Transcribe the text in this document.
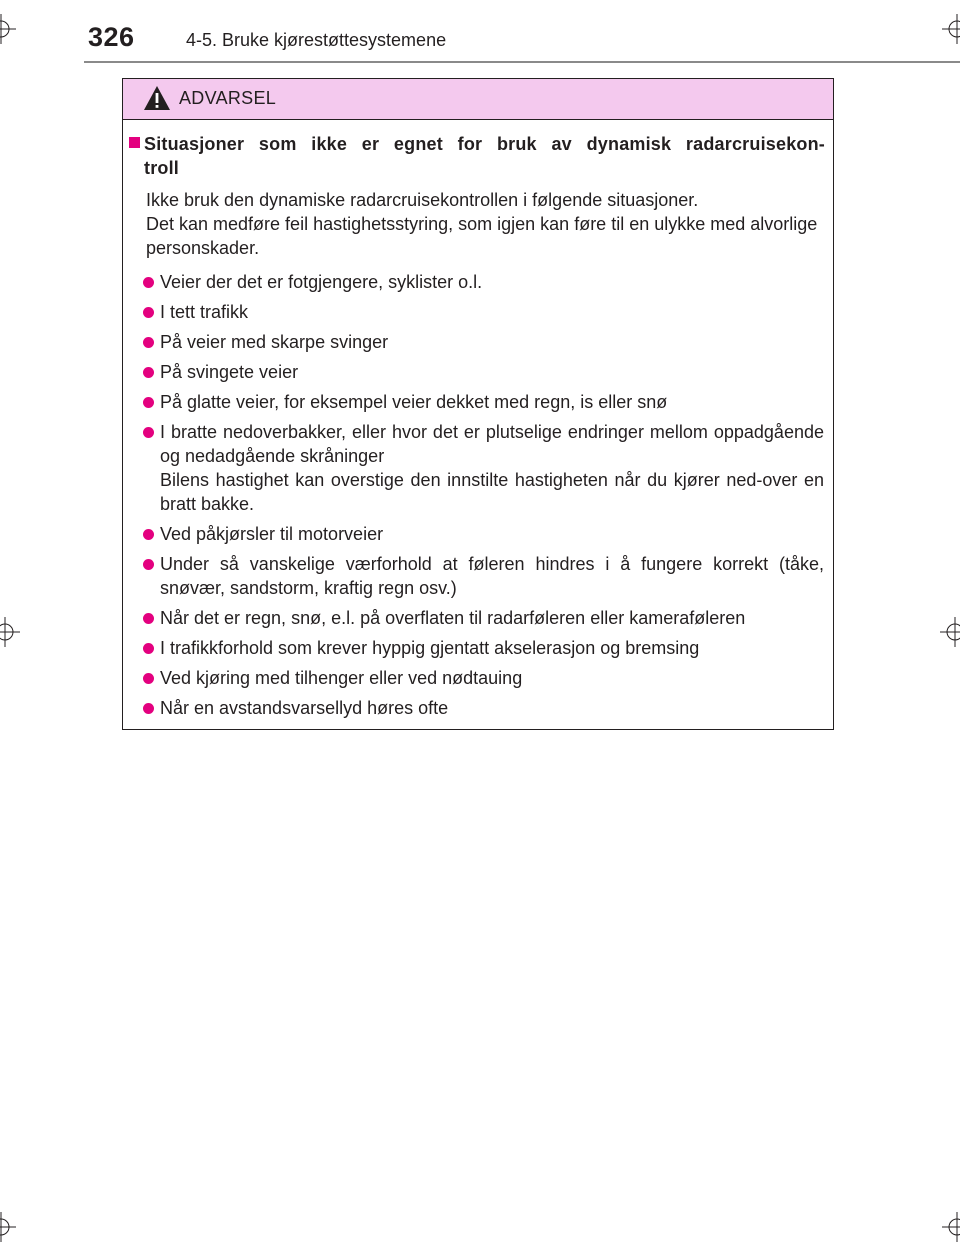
326	4-5. Bruke kjørestøttesystemene
ADVARSEL
Situasjoner som ikke er egnet for bruk av dynamisk radarcruisekon-troll

Ikke bruk den dynamiske radarcruisekontrollen i følgende situasjoner.

Det kan medføre feil hastighetsstyring, som igjen kan føre til en ulykke med alvorlige personskader.

Veier der det er fotgjengere, syklister o.l.
I tett trafikk
På veier med skarpe svinger
På svingete veier
På glatte veier, for eksempel veier dekket med regn, is eller snø
I bratte nedoverbakker, eller hvor det er plutselige endringer mellom oppadgående og nedadgående skråninger
Bilens hastighet kan overstige den innstilte hastigheten når du kjører ned-over en bratt bakke.
Ved påkjørsler til motorveier
Under så vanskelige værforhold at føleren hindres i å fungere korrekt (tåke, snøvær, sandstorm, kraftig regn osv.)
Når det er regn, snø, e.l. på overflaten til radarføleren eller kameraføleren
I trafikkforhold som krever hyppig gjentatt akselerasjon og bremsing
Ved kjøring med tilhenger eller ved nødtauing
Når en avstandsvarsellyd høres ofte
